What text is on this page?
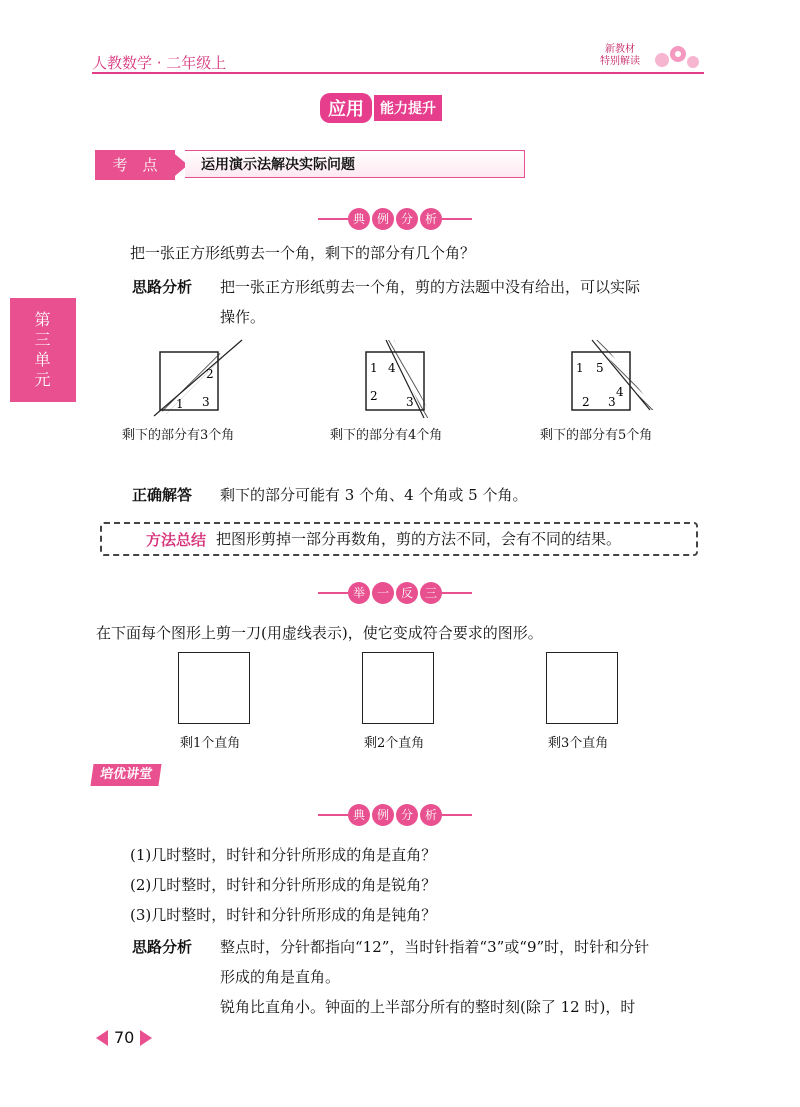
人教数学 · 二年级上
新教材
特别解读
第三单元
应用	能力提升
考　点	运用演示法解决实际问题
典 例 分 析
把一张正方形纸剪去一个角，剩下的部分有几个角？
思路分析 把一张正方形纸剪去一个角，剪的方法题中没有给出，可以实际
操作。
2
1 3
剩下的部分有3个角
1 4
2 3
剩下的部分有4个角
1 5
2 3
4
剩下的部分有5个角
正确解答 剩下的部分可能有 3 个角、4 个角或 5 个角。
方法总结 把图形剪掉一部分再数角，剪的方法不同，会有不同的结果。
举 一 反 三
在下面每个图形上剪一刀(用虚线表示)，使它变成符合要求的图形。
剩1个直角	剩2个直角	剩3个直角
培优讲堂
典 例 分 析
(1)几时整时，时针和分针所形成的角是直角？
(2)几时整时，时针和分针所形成的角是锐角？
(3)几时整时，时针和分针所形成的角是钝角？
思路分析 整点时，分针都指向“12”，当时针指着“3”或“9”时，时针和分针
形成的角是直角。
锐角比直角小。钟面的上半部分所有的整时刻(除了 12 时)，时
70
